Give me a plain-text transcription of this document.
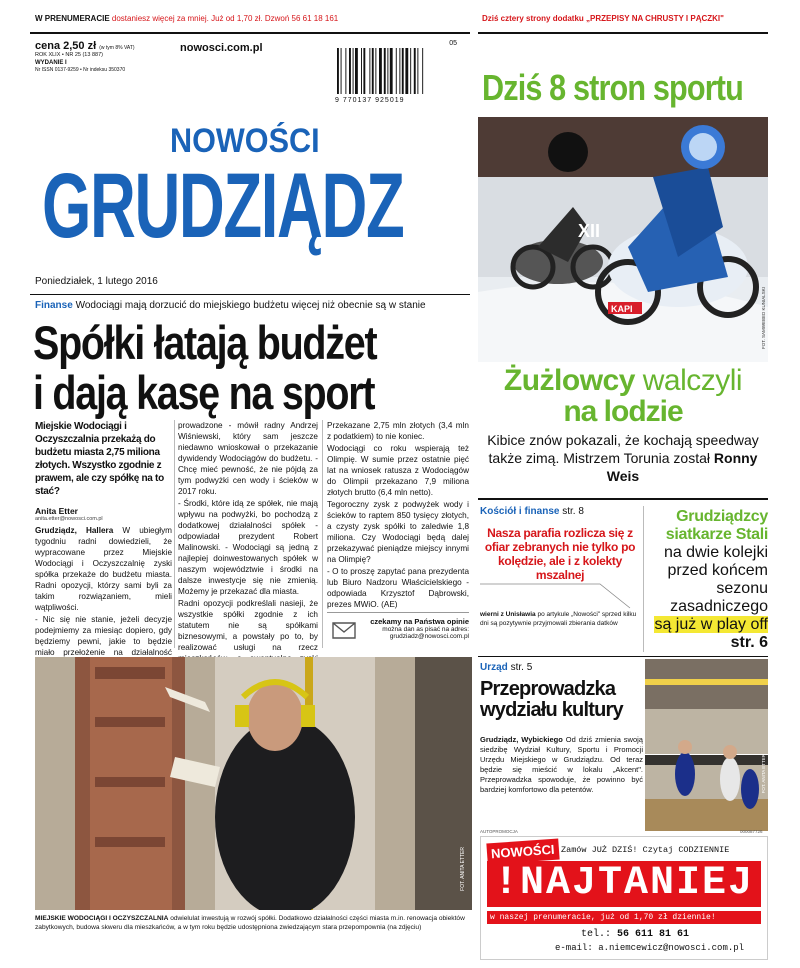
W PRENUMERACIE dostaniesz więcej za mniej. Już od 1,70 zł. Dzwoń 56 61 18 161	Dziś cztery strony dodatku „PRZEPISY NA CHRUSTY I PĄCZKI"
cena 2,50 zł (w tym 8% VAT)
ROK XLIX • NR 25 (13 887)
WYDANIE I
Nr ISSN 0137-9259 • Nr indeksu 350370
nowosci.com.pl
9 770137 925019
05
NOWOŚCI
GRUDZIĄDZ
Poniedziałek, 1 lutego 2016
Finanse Wodociągi mają dorzucić do miejskiego budżetu więcej niż obecnie są w stanie
Spółki łatają budżet
i dają kasę na sport
Miejskie Wodociągi i Oczyszczalnia przekażą do budżetu miasta 2,75 miliona złotych. Wszystko zgodnie z prawem, ale czy spółkę na to stać?
Anita Etter
anita.etter@nowosci.com.pl

Grudziądz, Hallera W ubiegłym tygodniu radni dowiedzieli, że wypracowane przez Miejskie Wodociągi i Oczyszczalnię zyski spółka przekaże do budżetu miasta. Radni opozycji, którzy sami byli za takim rozwiązaniem, mieli wątpliwości.

- Nic się nie stanie, jeżeli decyzje podejmiemy za miesiąc dopiero, gdy będziemy pewni, jakie to będzie miało przełożenie na działalność

prowadzone - mówił radny Andrzej Wiśniewski, który sam jeszcze niedawno wnioskował o przekazanie dywidendy Wodociągów do budżetu. - Chcę mieć pewność, że nie pójdą za tym podwyżki cen wody i ścieków w 2017 roku.

- Środki, które idą ze spółek, nie mają wpływu na podwyżki, bo pochodzą z dodatkowej działalności spółek - odpowiadał prezydent Robert Malinowski. - Wodociągi są jedną z najlepiej doinwestowanych spółek w naszym województwie i środki na dalsze inwestycje się nie zmienią. Możemy je przekazać dla miasta.

Radni opozycji podkreślali nasieji, że wszystkie spółki zgodnie z ich statutem nie są spółkami biznesowymi, a powstały po to, by realizować usługi na rzecz

Przekazane 2,75 mln złotych (3,4 mln z podatkiem) to nie koniec.

Wodociągi co roku wspierają też Olimpię. W sumie przez ostatnie pięć lat na wniosek ratusza z Wodociągów do Olimpii przekazano 7,9 miliona złotych brutto (6,4 mln netto).

Tegoroczny zysk z podwyżek wody i ścieków to raptem 850 tysięcy złotych, a czysty zysk spółki to zaledwie 1,8 miliona. Czy Wodociągi będą dalej przekazywać pieniądze miejscy innymi na Olimpię?

- O to proszę zapytać pana prezydenta lub Biuro Nadzoru Właścicielskiego - odpowiada Krzysztof Dąbrowski, prezes MWiO. (AE)

czekamy na Państwa opinie
można dan as pisać na adres:
grudziadz@nowosci.com.pl
FOT. ANITA ETTER
MIEJSKIE WODOCIĄGI I OCZYSZCZALNIA odwielulat inwestują w rozwój spółki. Dodatkowo działalności części miasta m.in. renowacja obiektów zabytkowych, budowa skweru dla mieszkańców, a w tym roku będzie udostępniona zwiedzającym stara przepompownia (na zdjęciu)
Dziś 8 stron sportu
KAPI
XII
FOT. SAMWEBED KUNIALSKI
Żużlowcy walczyli
na lodzie
Kibice znów pokazali, że kochają speedway także zimą. Mistrzem Torunia został Ronny Weis
Kościół i finanse str. 8
Nasza parafia rozlicza się z ofiar zebranych nie tylko po kolędzie, ale i z kolekty mszalnej
wierni z Unisławia po artykule „Nowości" sprzed kilku dni są pozytywnie przyjmowali zbierania datków
Grudziądzcy
siatkarze Stali
na dwie kolejki
przed końcem
sezonu
zasadniczego
są już w play off
str. 6
Urząd str. 5
Przeprowadzka
wydziału kultury
Grudziądz, Wybickiego Od dziś zmienia swoją siedzibę Wydział Kultury, Sportu i Promocji Urzędu Miejskiego w Grudziądzu. Od teraz będzie się mieścić w lokalu „Akcent". Przeprowadzka spowoduje, że powinno być bardziej komfortowo dla petentów.	FOT. ANITA ETTER
AUTOPROMOCJA	000087726
NOWOŚCI Zamów JUŻ DZIŚ! Czytaj CODZIENNIE
!NAJTANIEJ
w naszej prenumeracie, już od 1,70 zł dziennie!
tel.: 56 611 81 61
e-mail: a.niemcewicz@nowosci.com.pl
